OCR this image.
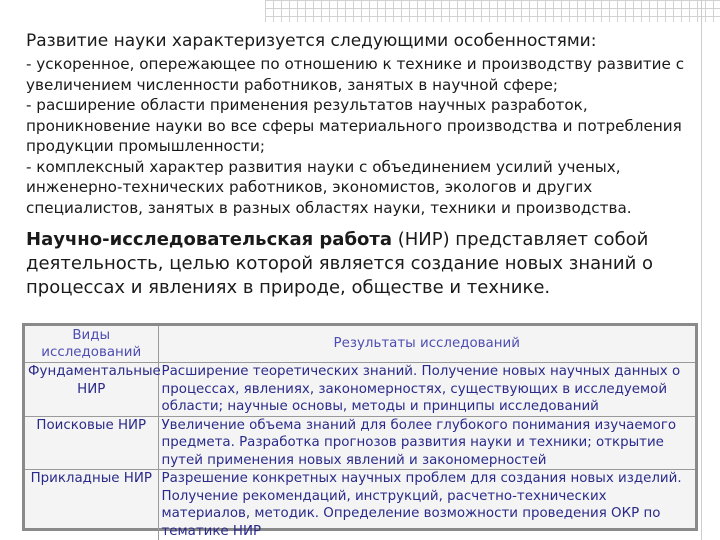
Развитие науки характеризуется следующими особенностями:

- ускоренное, опережающее по отношению к технике и производству развитие с увеличением численности работников, занятых в научной сфере;
- расширение области применения результатов научных разработок, проникновение науки во все сферы материального производства и потребления продукции промышленности;
- комплексный характер развития науки с объединением усилий ученых, инженерно-технических работников, экономистов, экологов и других специалистов, занятых в разных областях науки, техники и производства.

Научно-исследовательская работа (НИР) представляет собой деятельность, целью которой является создание новых знаний о процессах и явлениях в природе, обществе и технике.

Виды исследований	Результаты исследований
Фундаментальные НИР	Расширение теоретических знаний. Получение новых научных данных о процессах, явлениях, закономерностях, существующих в исследуемой области; научные основы, методы и принципы исследований
Поисковые НИР	Увеличение объема знаний для более глубокого понимания изучаемого предмета. Разработка прогнозов развития науки и техники; открытие путей применения новых явлений и закономерностей
Прикладные НИР	Разрешение конкретных научных проблем для создания новых изделий. Получение рекомендаций, инструкций, расчетно-технических материалов, методик. Определение возможности проведения ОКР по тематике НИР
